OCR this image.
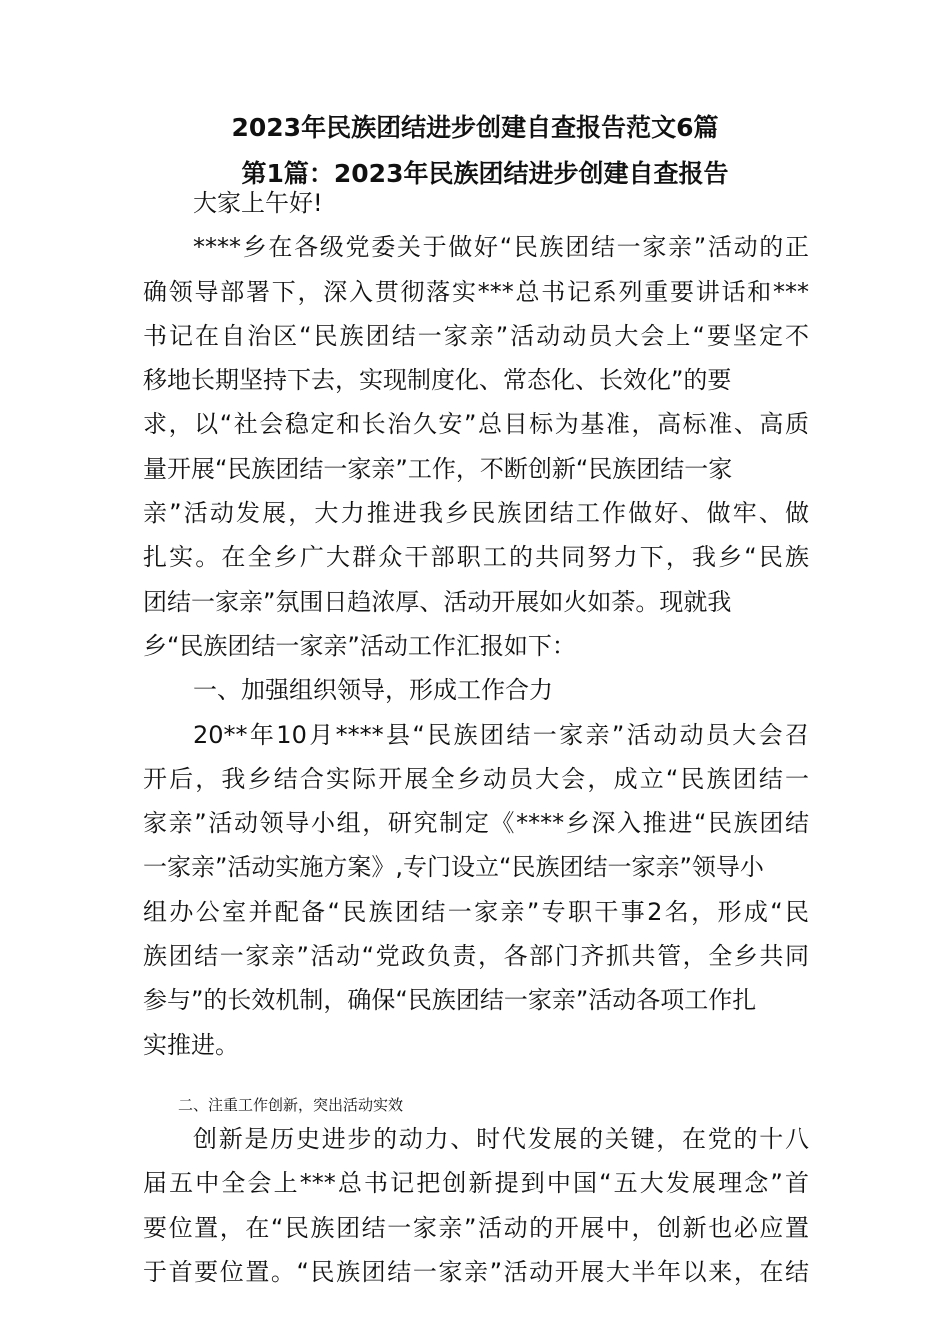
2023年民族团结进步创建自查报告范文6篇
第1篇：2023年民族团结进步创建自查报告
大家上午好!
****乡在各级党委关于做好“民族团结一家亲”活动的正
确领导部署下，深入贯彻落实***总书记系列重要讲话和***
书记在自治区“民族团结一家亲”活动动员大会上“要坚定不
移地长期坚持下去，实现制度化、常态化、长效化”的要
求，以“社会稳定和长治久安”总目标为基准，高标准、高质
量开展“民族团结一家亲”工作，不断创新“民族团结一家
亲”活动发展，大力推进我乡民族团结工作做好、做牢、做
扎实。在全乡广大群众干部职工的共同努力下，我乡“民族
团结一家亲”氛围日趋浓厚、活动开展如火如荼。现就我
乡“民族团结一家亲”活动工作汇报如下：
一、加强组织领导，形成工作合力
20**年10月****县“民族团结一家亲”活动动员大会召
开后，我乡结合实际开展全乡动员大会，成立“民族团结一
家亲”活动领导小组，研究制定《****乡深入推进“民族团结
一家亲”活动实施方案》,专门设立“民族团结一家亲”领导小
组办公室并配备“民族团结一家亲”专职干事2名，形成“民
族团结一家亲”活动“党政负责，各部门齐抓共管，全乡共同
参与”的长效机制，确保“民族团结一家亲”活动各项工作扎
实推进。
二、注重工作创新，突出活动实效
创新是历史进步的动力、时代发展的关键，在党的十八
届五中全会上***总书记把创新提到中国“五大发展理念”首
要位置，在“民族团结一家亲”活动的开展中，创新也必应置
于首要位置。“民族团结一家亲”活动开展大半年以来，在结
